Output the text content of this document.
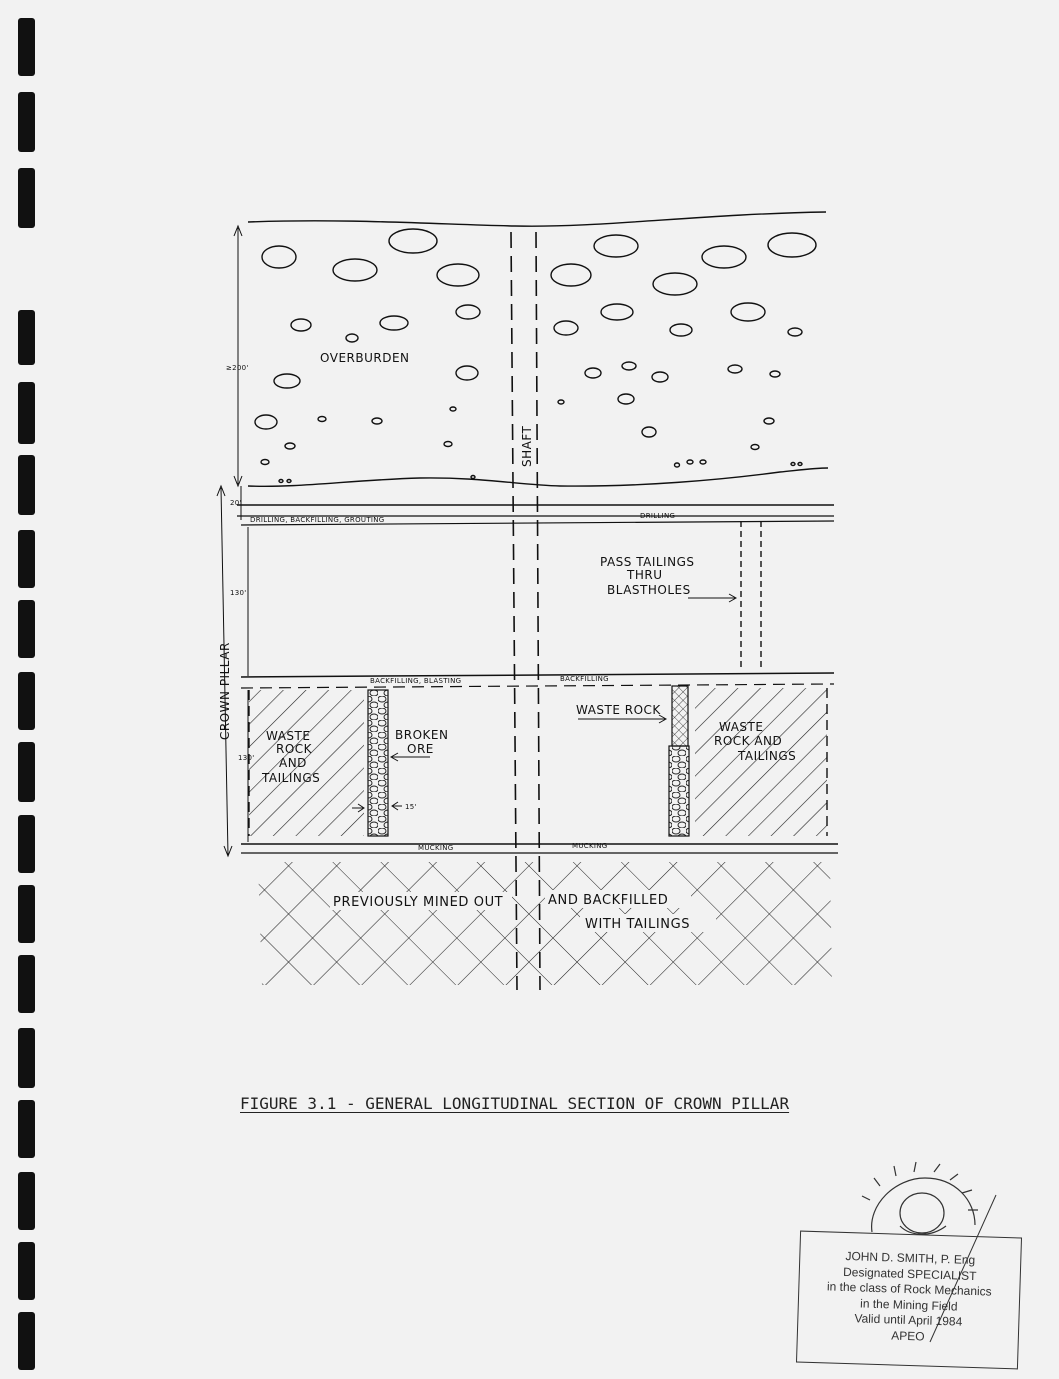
OVERBURDEN
≥200'
SHAFT
20'
DRILLING, BACKFILLING, GROUTING	DRILLING
130'
CROWN PILLAR
PASS TAILINGS
THRU
BLASTHOLES
BACKFILLING, BLASTING	BACKFILLING
130'
WASTE
ROCK
AND
TAILINGS
BROKEN
ORE
15'
WASTE ROCK
WASTE
ROCK AND
TAILINGS
MUCKING	MUCKING
PREVIOUSLY MINED OUT	AND BACKFILLED
WITH TAILINGS
FIGURE 3.1 - GENERAL LONGITUDINAL SECTION OF CROWN PILLAR
JOHN D. SMITH, P. Eng
Designated SPECIALIST
in the class of Rock Mechanics
in the Mining Field
Valid until April 1984
APEO
